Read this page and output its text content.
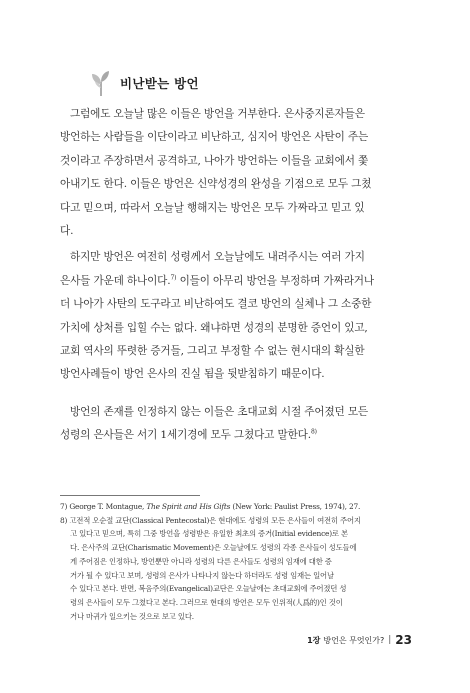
비난받는 방언

그럼에도 오늘날 많은 이들은 방언을 거부한다. 은사중지론자들은
방언하는 사람들을 이단이라고 비난하고, 심지어 방언은 사탄이 주는
것이라고 주장하면서 공격하고, 나아가 방언하는 이들을 교회에서 쫓
아내기도 한다. 이들은 방언은 신약성경의 완성을 기점으로 모두 그쳤
다고 믿으며, 따라서 오늘날 행해지는 방언은 모두 가짜라고 믿고 있
다.

하지만 방언은 여전히 성령께서 오늘날에도 내려주시는 여러 가지
은사들 가운데 하나이다.$^{7)}$ 이들이 아무리 방언을 부정하며 가짜라거나
더 나아가 사탄의 도구라고 비난하여도 결코 방언의 실체나 그 소중한
가치에 상처를 입힐 수는 없다. 왜냐하면 성경의 분명한 증언이 있고,
교회 역사의 뚜렷한 증거들, 그리고 부정할 수 없는 현시대의 확실한
방언사례들이 방언 은사의 진실 됨을 뒷받침하기 때문이다.

방언의 존재를 인정하지 않는 이들은 초대교회 시절 주어졌던 모든
성령의 은사들은 서기 1세기경에 모두 그쳤다고 말한다.$^{8)}$

7) George T. Montague, The Spirit and His Gifts (New York: Paulist Press, 1974), 27.
8) 고전적 오순절 교단(Classical Pentecostal)은 현대에도 성령의 모든 은사들이 여전히 주어지
고 있다고 믿으며, 특히 그중 방언을 성령받은 유일한 최초의 증거(Initial evidence)로 본
다. 은사주의 교단(Charismatic Movement)은 오늘날에도 성령의 각종 은사들이 성도들에
게 주어짐은 인정하나, 방언뿐만 아니라 성령의 다른 은사들도 성령의 임재에 대한 증
거가 될 수 있다고 보며, 성령의 은사가 나타나지 않는다 하더라도 성령 임재는 일어날
수 있다고 본다. 반면, 복음주의(Evangelical)교단은 오늘날에는 초대교회에 주어졌던 성
령의 은사들이 모두 그쳤다고 본다. 그러므로 현대의 방언은 모두 인위적(人爲的)인 것이
거나 마귀가 일으키는 것으로 보고 있다.
1장 방언은 무엇인가? | 23
